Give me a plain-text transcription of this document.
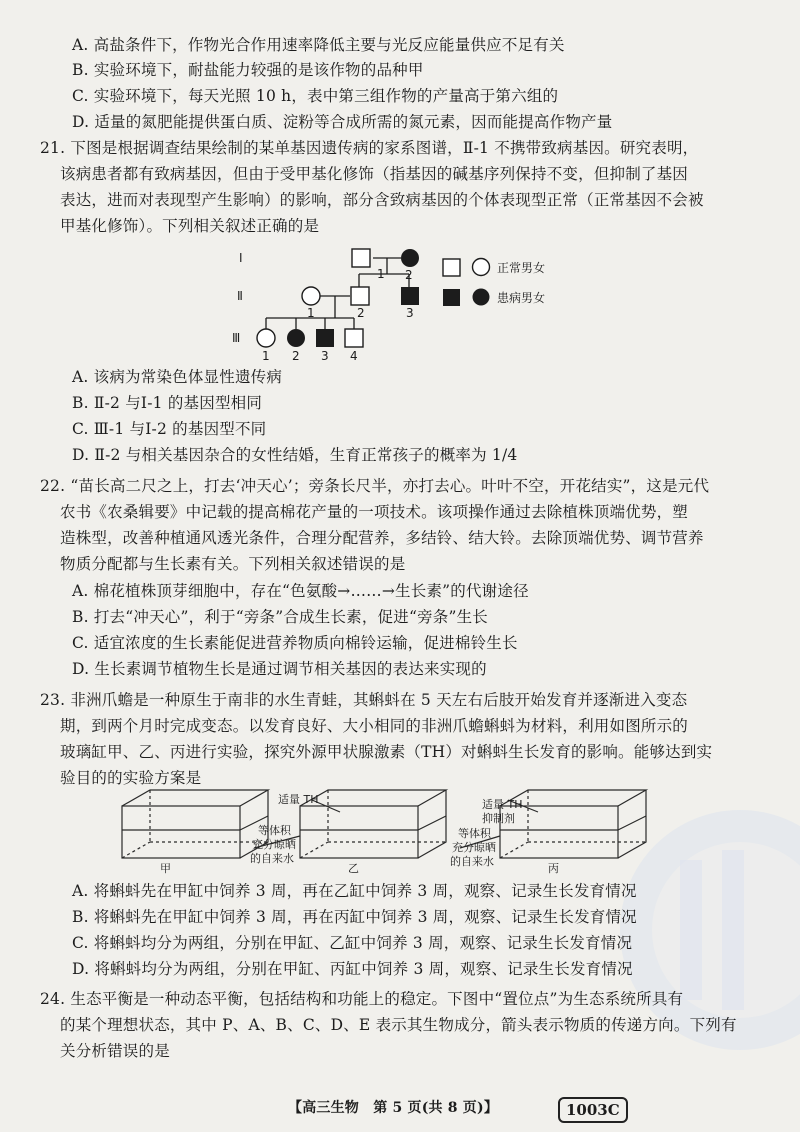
A. 高盐条件下，作物光合作用速率降低主要与光反应能量供应不足有关
B. 实验环境下，耐盐能力较强的是该作物的品种甲
C. 实验环境下，每天光照 10 h，表中第三组作物的产量高于第六组的
D. 适量的氮肥能提供蛋白质、淀粉等合成所需的氮元素，因而能提高作物产量
21. 下图是根据调查结果绘制的某单基因遗传病的家系图谱，Ⅱ-1 不携带致病基因。研究表明，
该病患者都有致病基因，但由于受甲基化修饰（指基因的碱基序列保持不变，但抑制了基因
表达，进而对表现型产生影响）的影响，部分含致病基因的个体表现型正常（正常基因不会被
甲基化修饰）。下列相关叙述正确的是
Ⅰ
Ⅱ
Ⅲ
1 2
1	2	3
1 2 3 4
正常男女
患病男女
A. 该病为常染色体显性遗传病
B. Ⅱ-2 与Ⅰ-1 的基因型相同
C. Ⅲ-1 与Ⅰ-2 的基因型不同
D. Ⅱ-2 与相关基因杂合的女性结婚，生育正常孩子的概率为 1/4
22. “苗长高二尺之上，打去‘冲天心’；旁条长尺半，亦打去心。叶叶不空，开花结实”，这是元代
农书《农桑辑要》中记载的提高棉花产量的一项技术。该项操作通过去除植株顶端优势，塑
造株型，改善种植通风透光条件，合理分配营养，多结铃、结大铃。去除顶端优势、调节营养
物质分配都与生长素有关。下列相关叙述错误的是
A. 棉花植株顶芽细胞中，存在“色氨酸→……→生长素”的代谢途径
B. 打去“冲天心”，利于“旁条”合成生长素，促进“旁条”生长
C. 适宜浓度的生长素能促进营养物质向棉铃运输，促进棉铃生长
D. 生长素调节植物生长是通过调节相关基因的表达来实现的
23. 非洲爪蟾是一种原生于南非的水生青蛙，其蝌蚪在 5 天左右后肢开始发育并逐渐进入变态
期，到两个月时完成变态。以发育良好、大小相同的非洲爪蟾蝌蚪为材料，利用如图所示的
玻璃缸甲、乙、丙进行实验，探究外源甲状腺激素（TH）对蝌蚪生长发育的影响。能够达到实
验目的的实验方案是
甲	乙	丙
适量 TH	适量 TH
抑制剂
等体积
充分晾晒
的自来水
等体积
充分晾晒
的自来水
A. 将蝌蚪先在甲缸中饲养 3 周，再在乙缸中饲养 3 周，观察、记录生长发育情况
B. 将蝌蚪先在甲缸中饲养 3 周，再在丙缸中饲养 3 周，观察、记录生长发育情况
C. 将蝌蚪均分为两组，分别在甲缸、乙缸中饲养 3 周，观察、记录生长发育情况
D. 将蝌蚪均分为两组，分别在甲缸、丙缸中饲养 3 周，观察、记录生长发育情况
24. 生态平衡是一种动态平衡，包括结构和功能上的稳定。下图中“置位点”为生态系统所具有
的某个理想状态，其中 P、A、B、C、D、E 表示其生物成分，箭头表示物质的传递方向。下列有
关分析错误的是
【高三生物　第 5 页(共 8 页)】	1003C
